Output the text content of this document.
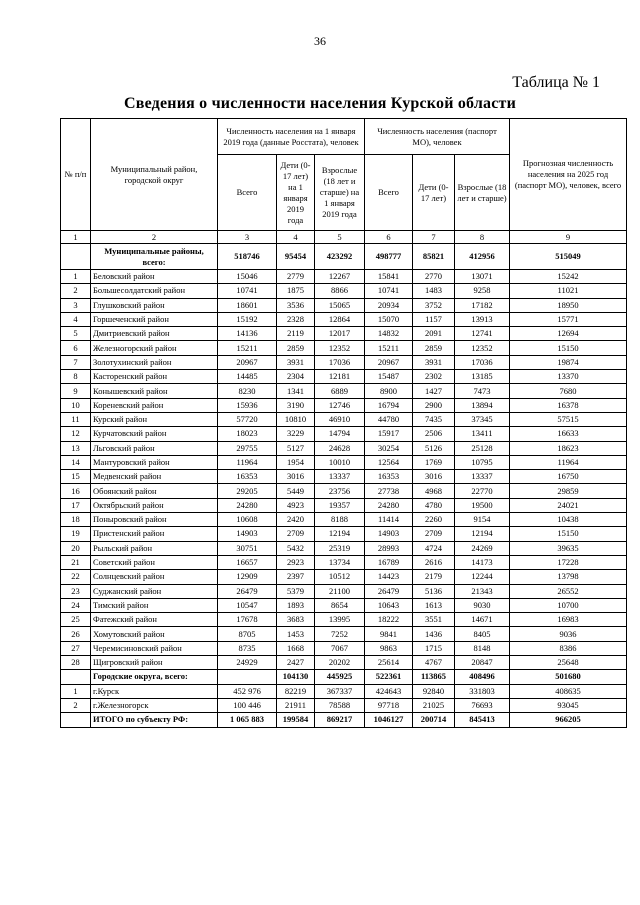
36
Таблица № 1
Сведения о численности населения Курской области
№ п/п	Муниципальный район, городской округ	Численность населения на 1 января 2019 года (данные Росстата), человек			Численность населения (паспорт МО), человек			Прогнозная численность населения на 2025 год (паспорт МО), человек, всего
		Всего	Дети (0-17 лет) на 1 января 2019 года	Взрослые (18 лет и старше) на 1 января 2019 года	Всего	Дети (0-17 лет)	Взрослые (18 лет и старше)	
1	2	3	4	5	6	7	8	9
	Муниципальные районы, всего:	518746	95454	423292	498777	85821	412956	515049
1	Беловский район	15046	2779	12267	15841	2770	13071	15242
2	Большесолдатский район	10741	1875	8866	10741	1483	9258	11021
3	Глушковский район	18601	3536	15065	20934	3752	17182	18950
4	Горшеченский район	15192	2328	12864	15070	1157	13913	15771
5	Дмитриевский район	14136	2119	12017	14832	2091	12741	12694
6	Железногорский район	15211	2859	12352	15211	2859	12352	15150
7	Золотухинский район	20967	3931	17036	20967	3931	17036	19874
8	Касторенский район	14485	2304	12181	15487	2302	13185	13370
9	Конышевский район	8230	1341	6889	8900	1427	7473	7680
10	Кореневский район	15936	3190	12746	16794	2900	13894	16378
11	Курский район	57720	10810	46910	44780	7435	37345	57515
12	Курчатовский район	18023	3229	14794	15917	2506	13411	16633
13	Льговский район	29755	5127	24628	30254	5126	25128	18623
14	Мантуровский район	11964	1954	10010	12564	1769	10795	11964
15	Медвенский район	16353	3016	13337	16353	3016	13337	16750
16	Обоянский район	29205	5449	23756	27738	4968	22770	29859
17	Октябрьский район	24280	4923	19357	24280	4780	19500	24021
18	Поныровский район	10608	2420	8188	11414	2260	9154	10438
19	Пристенский район	14903	2709	12194	14903	2709	12194	15150
20	Рыльский район	30751	5432	25319	28993	4724	24269	39635
21	Советский район	16657	2923	13734	16789	2616	14173	17228
22	Солнцевский район	12909	2397	10512	14423	2179	12244	13798
23	Суджанский район	26479	5379	21100	26479	5136	21343	26552
24	Тимский район	10547	1893	8654	10643	1613	9030	10700
25	Фатежский район	17678	3683	13995	18222	3551	14671	16983
26	Хомутовский район	8705	1453	7252	9841	1436	8405	9036
27	Черемисиновский район	8735	1668	7067	9863	1715	8148	8386
28	Щигровский район	24929	2427	20202	25614	4767	20847	25648
	Городские округа, всего:		104130	445925	522361	113865	408496	501680
1	г.Курск	452 976	82219	367337	424643	92840	331803	408635
2	г.Железногорск	100 446	21911	78588	97718	21025	76693	93045
	ИТОГО по субъекту РФ:	1 065 883	199584	869217	1046127	200714	845413	966205
